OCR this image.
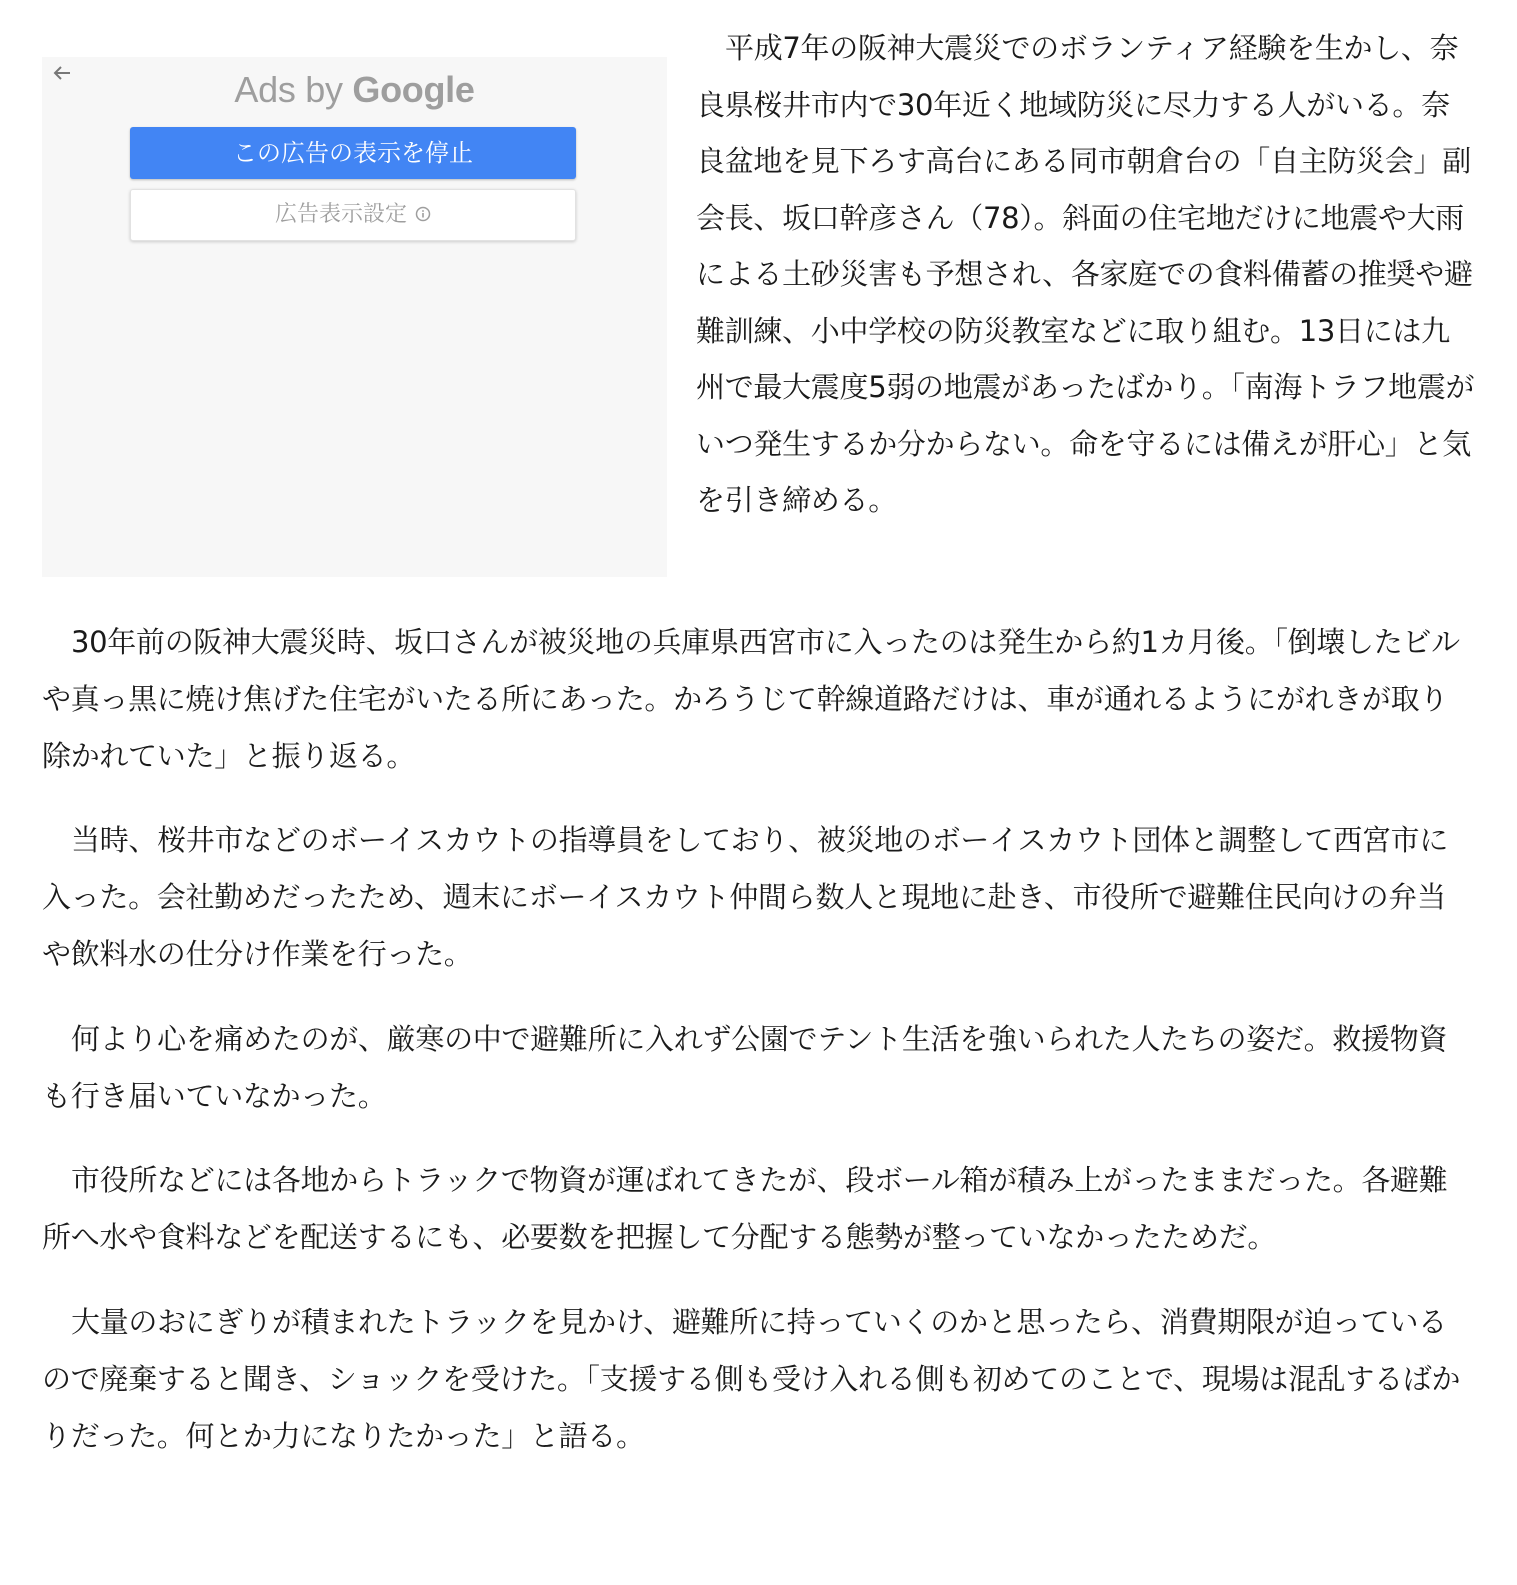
Ads by Google
この広告の表示を停止
広告表示設定

平成7年の阪神大震災でのボランティア経験を生かし、奈良県桜井市内で30年近く地域防災に尽力する人がいる。奈良盆地を見下ろす高台にある同市朝倉台の「自主防災会」副会長、坂口幹彦さん（78）。斜面の住宅地だけに地震や大雨による土砂災害も予想され、各家庭での食料備蓄の推奨や避難訓練、小中学校の防災教室などに取り組む。13日には九州で最大震度5弱の地震があったばかり。「南海トラフ地震がいつ発生するか分からない。命を守るには備えが肝心」と気を引き締める。

30年前の阪神大震災時、坂口さんが被災地の兵庫県西宮市に入ったのは発生から約1カ月後。「倒壊したビルや真っ黒に焼け焦げた住宅がいたる所にあった。かろうじて幹線道路だけは、車が通れるようにがれきが取り除かれていた」と振り返る。

当時、桜井市などのボーイスカウトの指導員をしており、被災地のボーイスカウト団体と調整して西宮市に入った。会社勤めだったため、週末にボーイスカウト仲間ら数人と現地に赴き、市役所で避難住民向けの弁当や飲料水の仕分け作業を行った。

何より心を痛めたのが、厳寒の中で避難所に入れず公園でテント生活を強いられた人たちの姿だ。救援物資も行き届いていなかった。

市役所などには各地からトラックで物資が運ばれてきたが、段ボール箱が積み上がったままだった。各避難所へ水や食料などを配送するにも、必要数を把握して分配する態勢が整っていなかったためだ。

大量のおにぎりが積まれたトラックを見かけ、避難所に持っていくのかと思ったら、消費期限が迫っているので廃棄すると聞き、ショックを受けた。「支援する側も受け入れる側も初めてのことで、現場は混乱するばかりだった。何とか力になりたかった」と語る。
